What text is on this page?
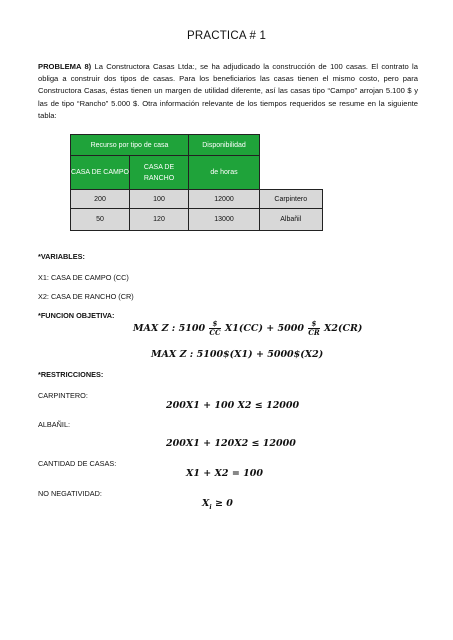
PRACTICA # 1
PROBLEMA 8) La Constructora Casas Ltda:, se ha adjudicado la construcción de 100 casas. El contrato la obliga a construir dos tipos de casas. Para los beneficiarios las casas tienen el mismo costo, pero para Constructora Casas, éstas tienen un margen de utilidad diferente, así las casas tipo “Campo” arrojan 5.100 $ y las de tipo “Rancho” 5.000 $. Otra información relevante de los tiempos requeridos se resume en la siguiente tabla:
Recurso por tipo de casa		Disponibilidad	
CASA DE CAMPO	CASA DE RANCHO	de horas	
200	100	12000	Carpintero
50	120	13000	Albañil
*VARIABLES:
X1: CASA DE CAMPO (CC)
X2: CASA DE RANCHO (CR)
*FUNCION OBJETIVA:
MAX Z : $5100 \frac{\$}{CC} X1(CC) + 5000 \frac{\$}{CR} X2(CR)$
MAX Z : 5100$(X1) + 5000$(X2)
*RESTRICCIONES:
CARPINTERO:
200X1 + 100 X2 ≤ 12000
ALBAÑIL:
200X1 + 120X2 ≤ 12000
CANTIDAD DE CASAS:
X1 + X2 = 100
NO NEGATIVIDAD:
$X_i \ge 0$
